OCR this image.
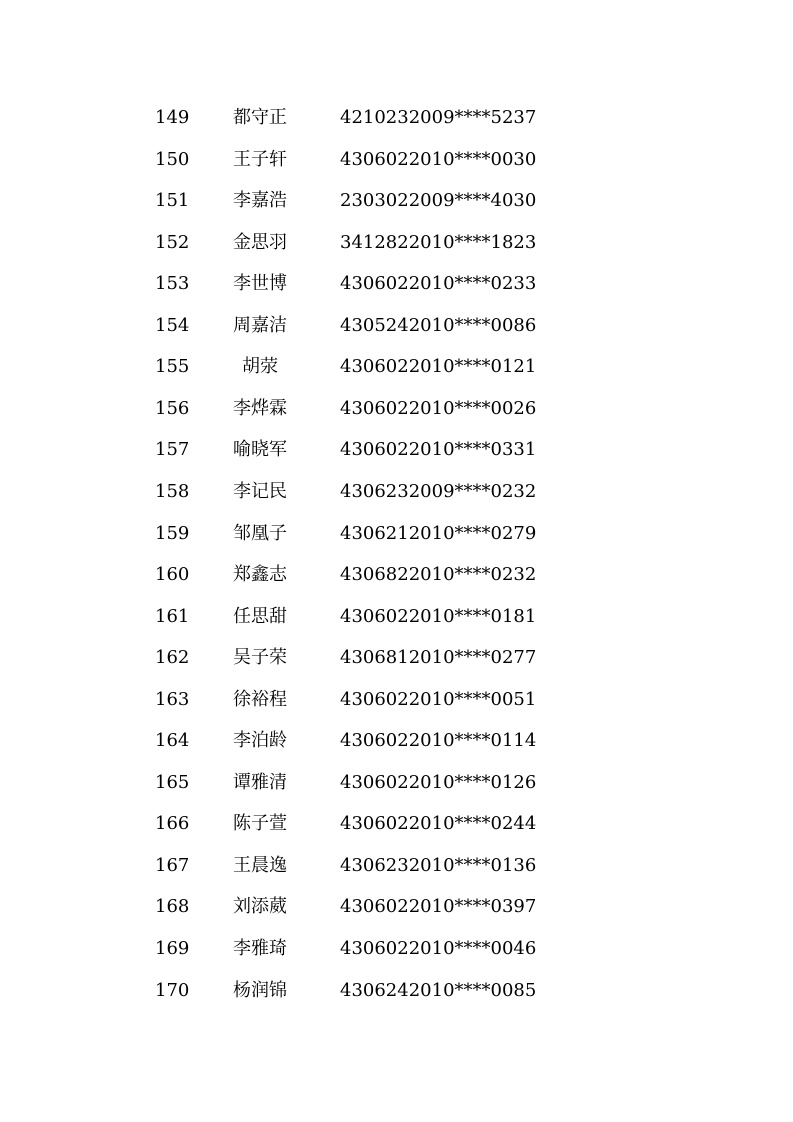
149 都守正	4210232009****5237
150 王子轩	4306022010****0030
151 李嘉浩	2303022009****4030
152 金思羽	3412822010****1823
153 李世博	4306022010****0233
154 周嘉洁	4305242010****0086
155	胡荥	4306022010****0121
156 李烨霖	4306022010****0026
157 喻晓军	4306022010****0331
158 李记民	4306232009****0232
159 邹凰子	4306212010****0279
160 郑鑫志	4306822010****0232
161 任思甜	4306022010****0181
162 吴子荣	4306812010****0277
163 徐裕程	4306022010****0051
164 李泊龄	4306022010****0114
165 谭雅清	4306022010****0126
166 陈子萱	4306022010****0244
167 王晨逸	4306232010****0136
168 刘添葳	4306022010****0397
169 李雅琦	4306022010****0046
170 杨润锦	4306242010****0085
